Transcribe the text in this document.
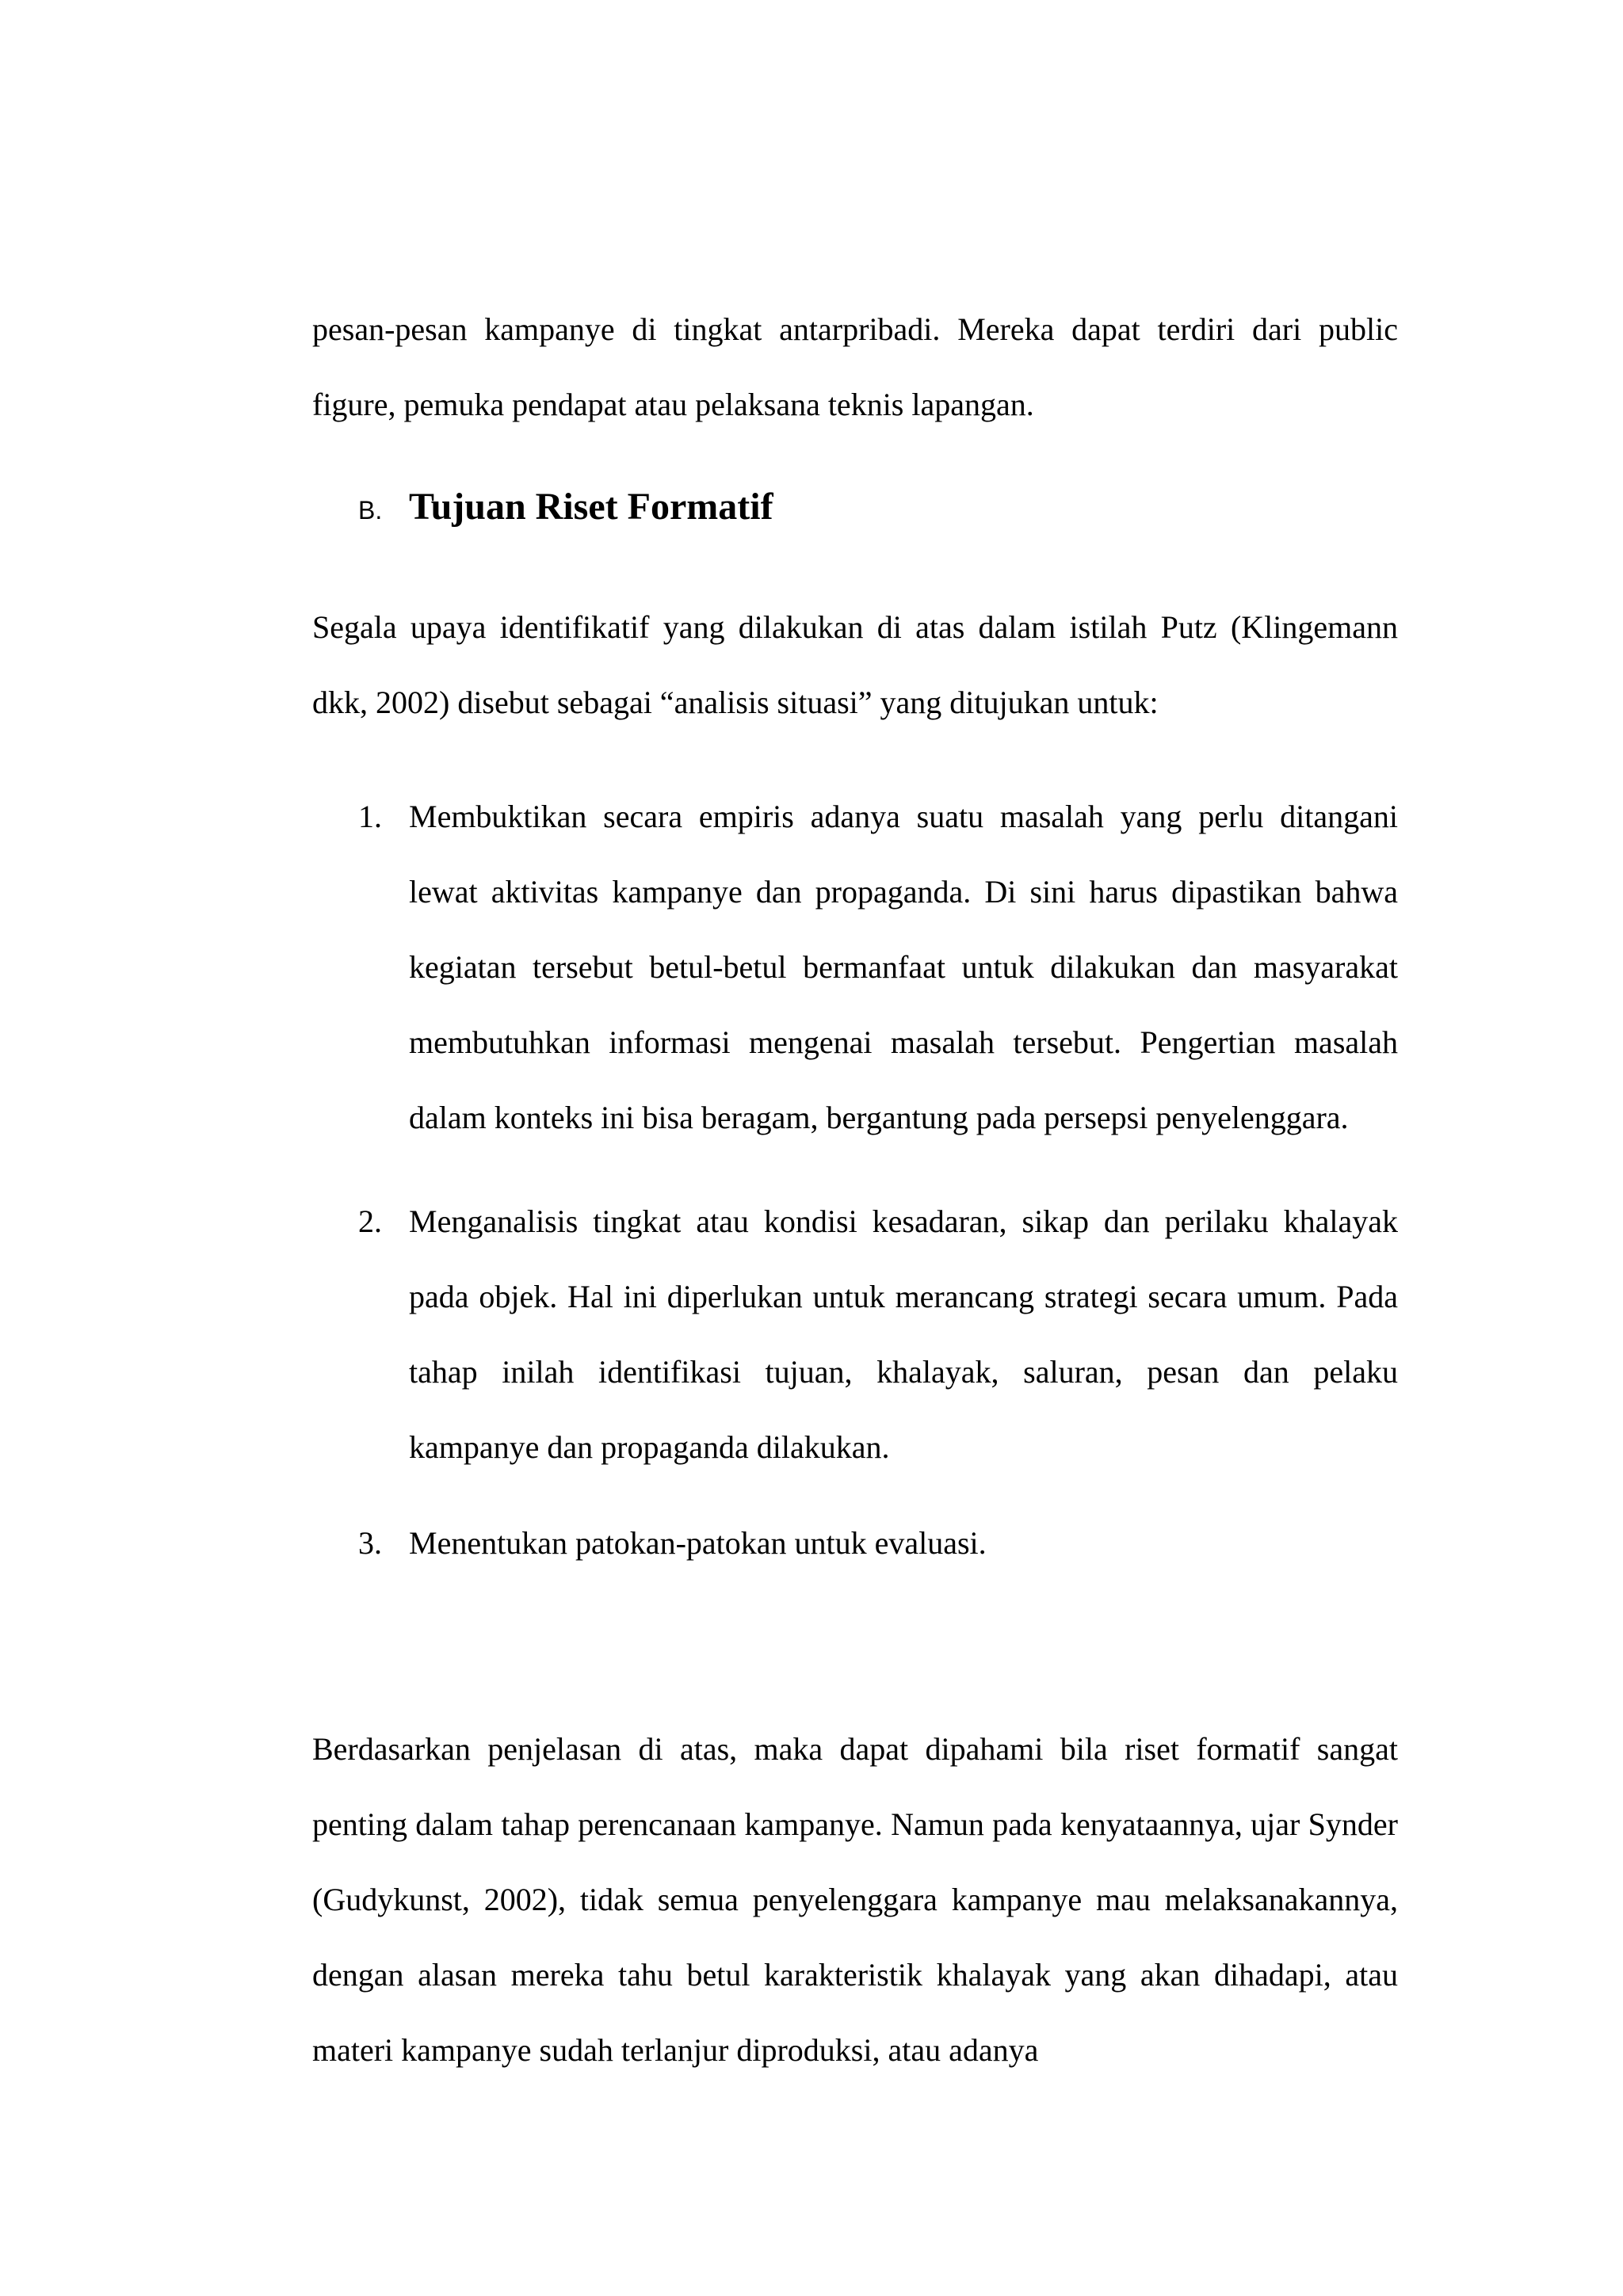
pesan-pesan kampanye di tingkat antarpribadi. Mereka dapat terdiri dari public figure, pemuka pendapat atau pelaksana teknis lapangan.

B. Tujuan Riset Formatif

Segala upaya identifikatif yang dilakukan di atas dalam istilah Putz (Klingemann dkk, 2002) disebut sebagai “analisis situasi” yang ditujukan untuk:

1. Membuktikan secara empiris adanya suatu masalah yang perlu ditangani lewat aktivitas kampanye dan propaganda. Di sini harus dipastikan bahwa kegiatan tersebut betul-betul bermanfaat untuk dilakukan dan masyarakat membutuhkan informasi mengenai masalah tersebut. Pengertian masalah dalam konteks ini bisa beragam, bergantung pada persepsi penyelenggara.

2. Menganalisis tingkat atau kondisi kesadaran, sikap dan perilaku khalayak pada objek. Hal ini diperlukan untuk merancang strategi secara umum. Pada tahap inilah identifikasi tujuan, khalayak, saluran, pesan dan pelaku kampanye dan propaganda dilakukan.

3. Menentukan patokan-patokan untuk evaluasi.

Berdasarkan penjelasan di atas, maka dapat dipahami bila riset formatif sangat penting dalam tahap perencanaan kampanye. Namun pada kenyataannya, ujar Synder (Gudykunst, 2002), tidak semua penyelenggara kampanye mau melaksanakannya, dengan alasan mereka tahu betul karakteristik khalayak yang akan dihadapi, atau materi kampanye sudah terlanjur diproduksi, atau adanya
